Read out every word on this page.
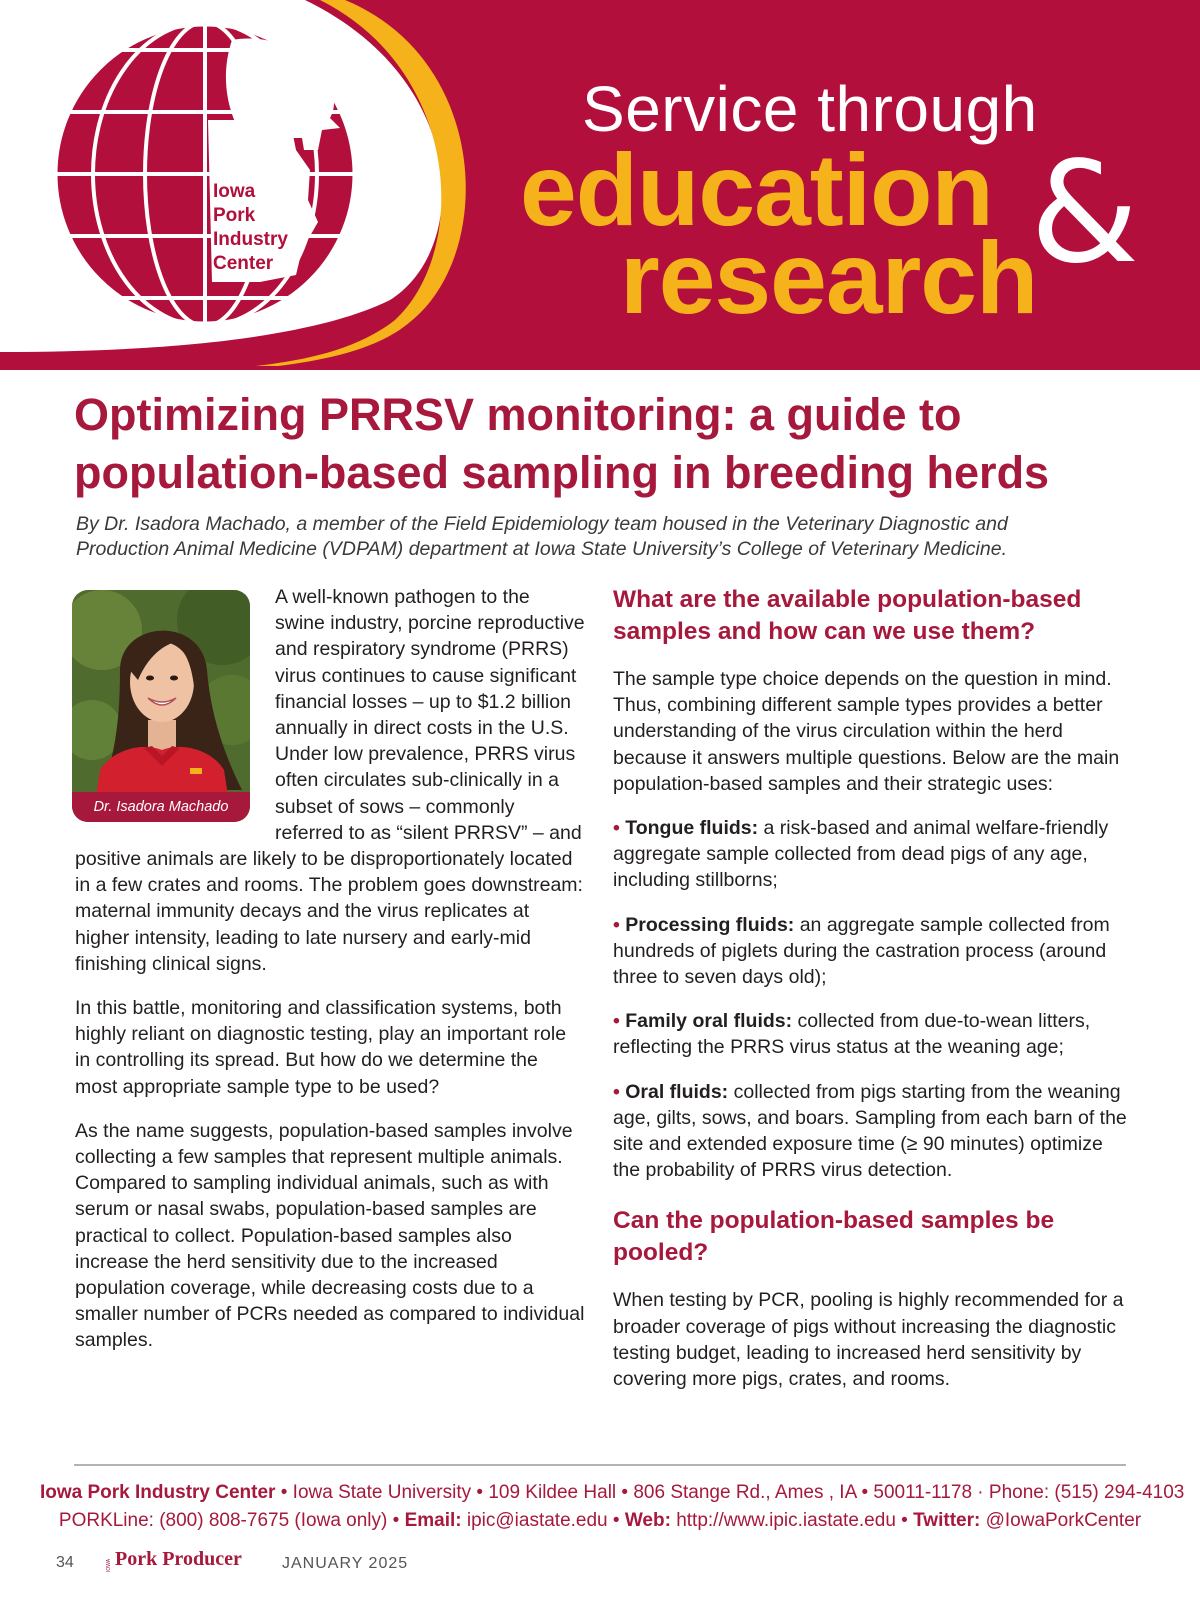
Iowa
Pork
Industry
Center
Service through
education &
research
Optimizing PRRSV monitoring: a guide to
population-based sampling in breeding herds
By Dr. Isadora Machado, a member of the Field Epidemiology team housed in the Veterinary Diagnostic and
Production Animal Medicine (VDPAM) department at Iowa State University’s College of Veterinary Medicine.
Dr. Isadora Machado

A well-known pathogen to the swine industry, porcine reproductive and respiratory syndrome (PRRS) virus continues to cause significant financial losses – up to $1.2 billion annually in direct costs in the U.S. Under low prevalence, PRRS virus often circulates sub-clinically in a subset of sows – commonly referred to as “silent PRRSV” – and positive animals are likely to be disproportionately located in a few crates and rooms. The problem goes downstream: maternal immunity decays and the virus replicates at higher intensity, leading to late nursery and early-mid finishing clinical signs.

In this battle, monitoring and classification systems, both highly reliant on diagnostic testing, play an important role in controlling its spread. But how do we determine the most appropriate sample type to be used?

As the name suggests, population-based samples involve collecting a few samples that represent multiple animals. Compared to sampling individual animals, such as with serum or nasal swabs, population-based samples are practical to collect. Population-based samples also increase the herd sensitivity due to the increased population coverage, while decreasing costs due to a smaller number of PCRs needed as compared to individual samples.

What are the available population-based samples and how can we use them?

The sample type choice depends on the question in mind. Thus, combining different sample types provides a better understanding of the virus circulation within the herd because it answers multiple questions. Below are the main population-based samples and their strategic uses:

• Tongue fluids: a risk-based and animal welfare-friendly aggregate sample collected from dead pigs of any age, including stillborns;
• Processing fluids: an aggregate sample collected from hundreds of piglets during the castration process (around three to seven days old);
• Family oral fluids: collected from due-to-wean litters, reflecting the PRRS virus status at the weaning age;
• Oral fluids: collected from pigs starting from the weaning age, gilts, sows, and boars. Sampling from each barn of the site and extended exposure time (≥ 90 minutes) optimize the probability of PRRS virus detection.
Can the population-based samples be pooled?

When testing by PCR, pooling is highly recommended for a broader coverage of pigs without increasing the diagnostic testing budget, leading to increased herd sensitivity by covering more pigs, crates, and rooms.

Iowa Pork Industry Center • Iowa State University • 109 Kildee Hall • 806 Stange Rd., Ames , IA • 50011-1178 · Phone: (515) 294-4103
PORKLine: (800) 808-7675 (Iowa only) • Email: ipic@iastate.edu • Web: http://www.ipic.iastate.edu • Twitter: @IowaPorkCenter
34	IOWA Pork Producer	JANUARY 2025
